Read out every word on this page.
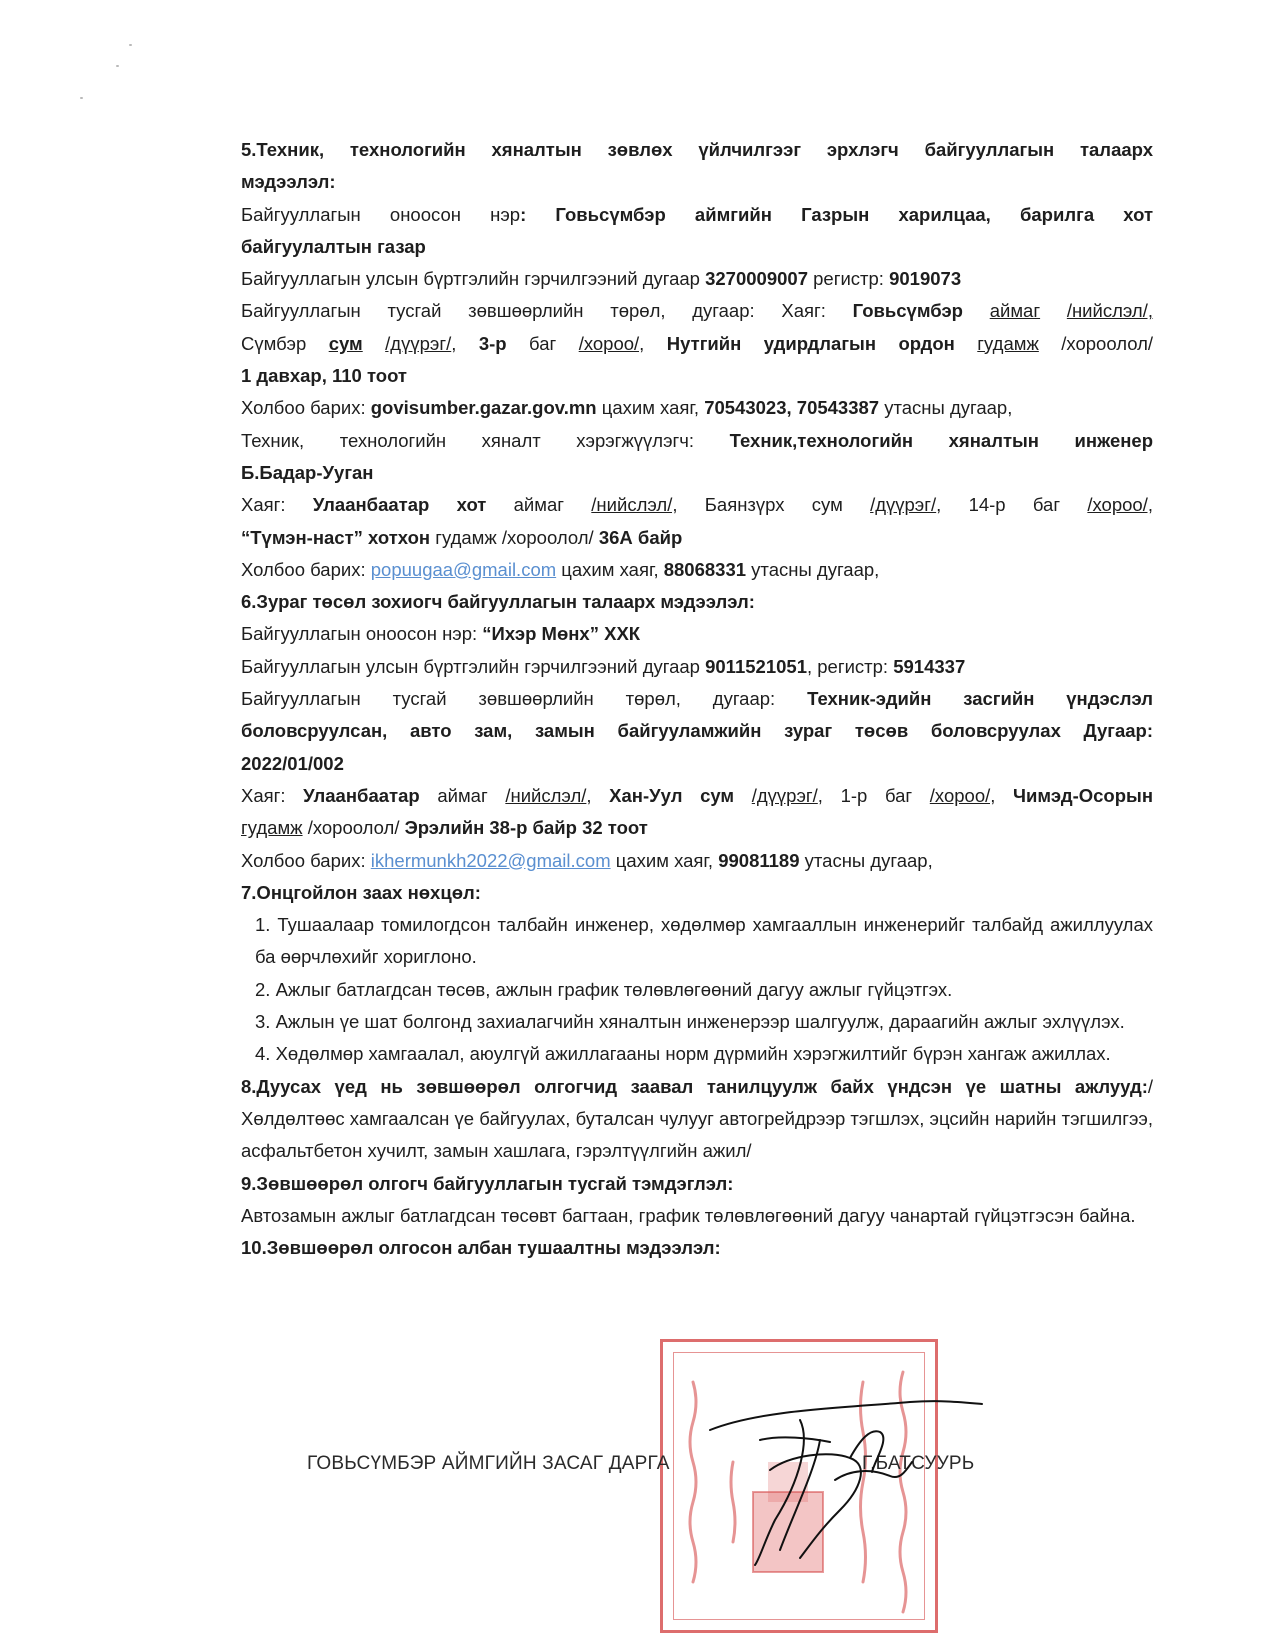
5.Техник, технологийн хяналтын зөвлөх үйлчилгээг эрхлэгч байгууллагын талаарх
мэдээлэл:
Байгууллагын оноосон нэр: Говьсүмбэр аймгийн Газрын харилцаа, барилга хот
байгуулалтын газар
Байгууллагын улсын бүртгэлийн гэрчилгээний дугаар 3270009007 регистр: 9019073
Байгууллагын тусгай зөвшөөрлийн төрөл, дугаар: Хаяг: Говьсүмбэр аймаг /нийслэл/,
Сүмбэр сум /дүүрэг/, 3-р баг /хороо/, Нутгийн удирдлагын ордон гудамж /хороолол/
1 давхар, 110 тоот
Холбоо барих: govisumber.gazar.gov.mn цахим хаяг, 70543023, 70543387 утасны дугаар,
Техник, технологийн хяналт хэрэгжүүлэгч: Техник,технологийн хяналтын инженер
Б.Бадар-Ууган
Хаяг: Улаанбаатар хот аймаг /нийслэл/, Баянзүрх сум /дүүрэг/, 14-р баг /хороо/,
“Түмэн-наст” хотхон гудамж /хороолол/ 36А байр
Холбоо барих: popuugaa@gmail.com цахим хаяг, 88068331 утасны дугаар,
6.Зураг төсөл зохиогч байгууллагын талаарх мэдээлэл:
Байгууллагын оноосон нэр: “Ихэр Мөнх” ХХК
Байгууллагын улсын бүртгэлийн гэрчилгээний дугаар 9011521051, регистр: 5914337
Байгууллагын тусгай зөвшөөрлийн төрөл, дугаар: Техник-эдийн засгийн үндэслэл
боловсруулсан, авто зам, замын байгууламжийн зураг төсөв боловсруулах Дугаар:
2022/01/002
Хаяг: Улаанбаатар аймаг /нийслэл/, Хан-Уул сум /дүүрэг/, 1-р баг /хороо/, Чимэд-Осорын
гудамж /хороолол/ Эрэлийн 38-р байр 32 тоот
Холбоо барих: ikhermunkh2022@gmail.com цахим хаяг, 99081189 утасны дугаар,
7.Онцгойлон заах нөхцөл:
1. Тушаалаар томилогдсон талбайн инженер, хөдөлмөр хамгааллын инженерийг талбайд ажиллуулах ба өөрчлөхийг хориглоно.
2. Ажлыг батлагдсан төсөв, ажлын график төлөвлөгөөний дагуу ажлыг гүйцэтгэх.
3. Ажлын үе шат болгонд захиалагчийн хяналтын инженерээр шалгуулж, дараагийн ажлыг эхлүүлэх.
4. Хөдөлмөр хамгаалал, аюулгүй ажиллагааны норм дүрмийн хэрэгжилтийг бүрэн хангаж ажиллах.
8.Дуусах үед нь зөвшөөрөл олгогчид заавал танилцуулж байх үндсэн үе шатны ажлууд:/Хөлдөлтөөс хамгаалсан үе байгуулах, буталсан чулууг автогрейдрээр тэгшлэх, эцсийн нарийн тэгшилгээ, асфальтбетон хучилт, замын хашлага, гэрэлтүүлгийн ажил/
9.Зөвшөөрөл олгогч байгууллагын тусгай тэмдэглэл:
Автозамын ажлыг батлагдсан төсөвт багтаан, график төлөвлөгөөний дагуу чанартай гүйцэтгэсэн байна.
10.Зөвшөөрөл олгосон албан тушаалтны мэдээлэл:
ГОВЬСҮМБЭР АЙМГИЙН ЗАСАГ ДАРГА	Г.БАТСУУРЬ
